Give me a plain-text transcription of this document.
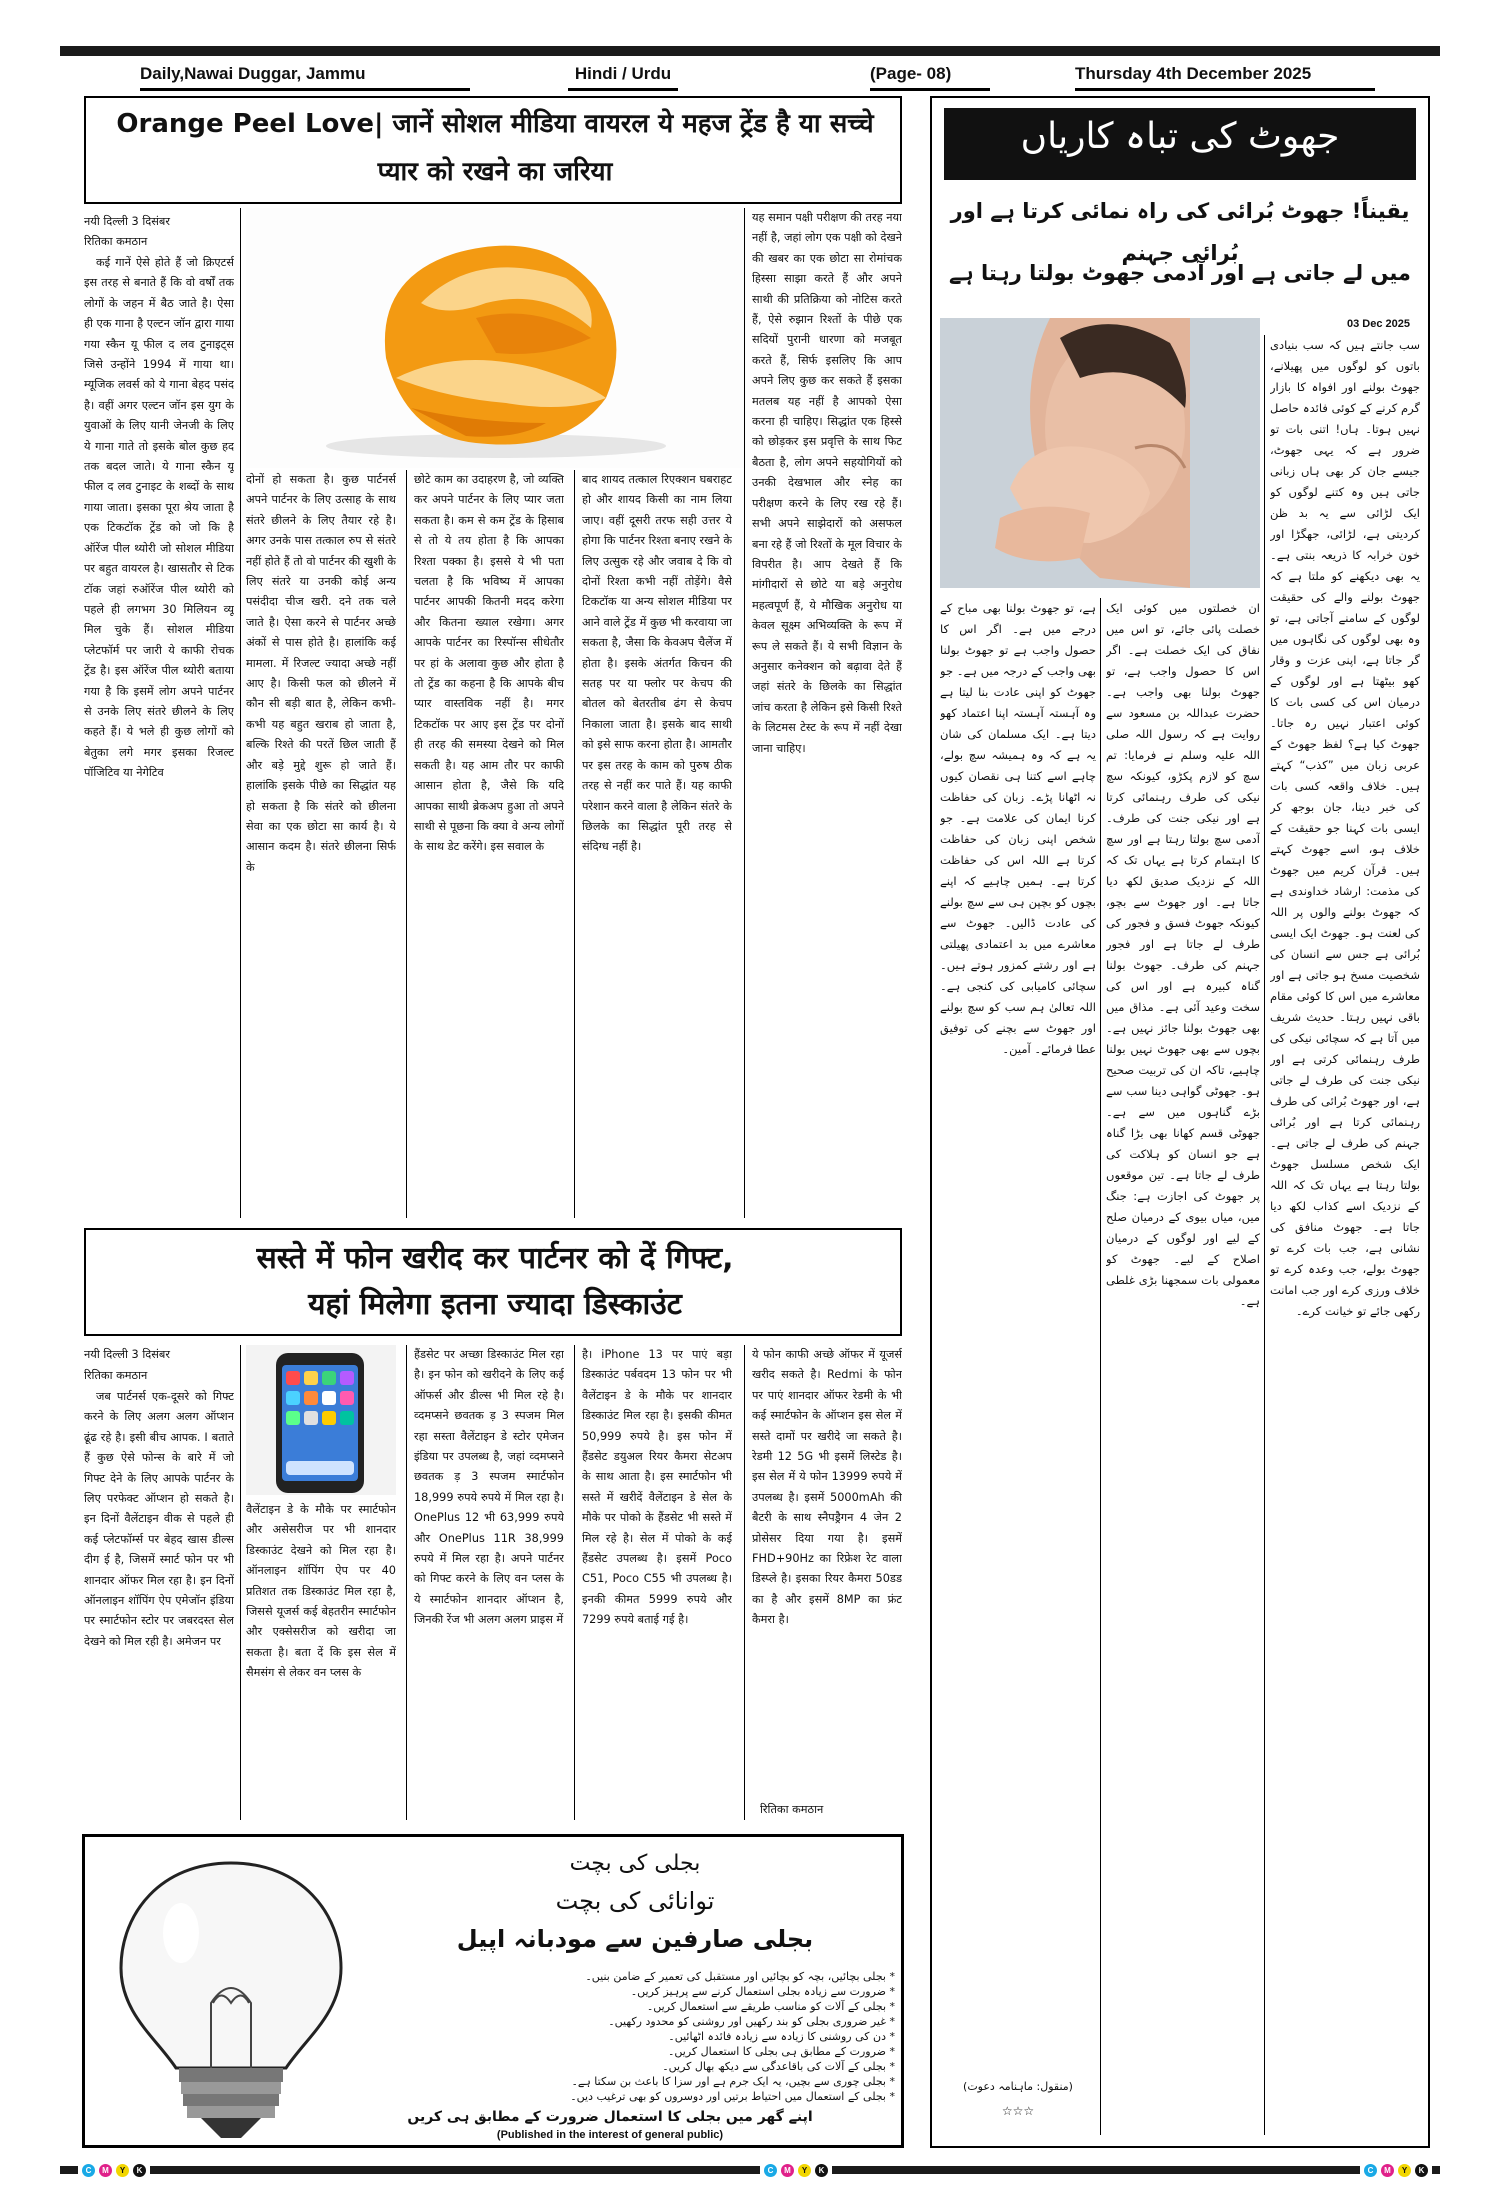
Daily,Nawai Duggar, Jammu	Hindi / Urdu	(Page- 08)	Thursday 4th December 2025
Orange Peel Love| जानें सोशल मीडिया वायरल ये महज ट्रेंड है या सच्चे प्यार को रखने का जरिया
नयी दिल्ली 3 दिसंबर
रितिका कमठान
कई गानें ऐसे होते हैं जो क्रिएटर्स इस तरह से बनाते हैं कि वो वर्षों तक लोगों के जहन में बैठ जाते है। ऐसा ही एक गाना है एल्टन जॉन द्वारा गाया गया स्कैन यू फील द लव टुनाइट्स जिसे उन्होंने 1994 में गाया था। म्यूजिक लवर्स को ये गाना बेहद पसंद है। वहीं अगर एल्टन जॉन इस युग के युवाओं के लिए यानी जेनजी के लिए ये गाना गाते तो इसके बोल कुछ हद तक बदल जाते। ये गाना स्कैन यू फील द लव टुनाइट के शब्दों के साथ गाया जाता। इसका पूरा श्रेय जाता है एक टिकटॉक ट्रेंड को जो कि है ऑरेंज पील थ्योरी जो सोशल मीडिया पर बहुत वायरल है। खासतौर से टिक टॉक जहां रुऑरेंज पील थ्योरी को पहले ही लगभग 30 मिलियन व्यू मिल चुके हैं। सोशल मीडिया प्लेटफॉर्म पर जारी ये काफी रोचक ट्रेंड है। इस ऑरेंज पील थ्योरी बताया गया है कि इसमें लोग अपने पार्टनर से उनके लिए संतरे छीलने के लिए कहते हैं। ये भले ही कुछ लोगों को बेतुका लगे मगर इसका रिजल्ट पॉजिटिव या नेगेटिव
दोनों हो सकता है। कुछ पार्टनर्स अपने पार्टनर के लिए उत्साह के साथ संतरे छीलने के लिए तैयार रहे है। अगर उनके पास तत्काल रुप से संतरे नहीं होते हैं तो वो पार्टनर की खुशी के लिए संतरे या उनकी कोई अन्य पसंदीदा चीज खरी. दने तक चले जाते है। ऐसा करने से पार्टनर अच्छे अंकों से पास होते है। हालांकि कई मामला. में रिजल्ट ज्यादा अच्छे नहीं आए है। किसी फल को छीलने में कौन सी बड़ी बात है, लेकिन कभी-कभी यह बहुत खराब हो जाता है, बल्कि रिश्ते की परतें छिल जाती हैं और बड़े मुद्दे शुरू हो जाते हैं। हालांकि इसके पीछे का सिद्धांत यह हो सकता है कि संतरे को छीलना सेवा का एक छोटा सा कार्य है। ये आसान कदम है। संतरे छीलना सिर्फ के
छोटे काम का उदाहरण है, जो व्यक्ति कर अपने पार्टनर के लिए प्यार जता सकता है। कम से कम ट्रेंड के हिसाब से तो ये तय होता है कि आपका रिश्ता पक्का है। इससे ये भी पता चलता है कि भविष्य में आपका पार्टनर आपकी कितनी मदद करेगा और कितना ख्याल रखेगा। अगर आपके पार्टनर का रिस्पॉन्स सीधेतौर पर हां के अलावा कुछ और होता है तो ट्रेंड का कहना है कि आपके बीच प्यार वास्तविक नहीं है। मगर टिकटॉक पर आए इस ट्रेंड पर दोनों ही तरह की समस्या देखने को मिल सकती है। यह आम तौर पर काफी आसान होता है, जैसे कि यदि आपका साथी ब्रेकअप हुआ तो अपने साथी से पूछना कि क्या वे अन्य लोगों के साथ डेट करेंगे। इस सवाल के
बाद शायद तत्काल रिएक्शन घबराहट हो और शायद किसी का नाम लिया जाए। वहीं दूसरी तरफ सही उत्तर ये होगा कि पार्टनर रिश्ता बनाए रखने के लिए उत्सुक रहे और जवाब दे कि वो दोनों रिश्ता कभी नहीं तोड़ेंगे। वैसे टिकटॉक या अन्य सोशल मीडिया पर आने वाले ट्रेंड में कुछ भी करवाया जा सकता है, जैसा कि केवअप चैलेंज में होता है। इसके अंतर्गत किचन की सतह पर या फ्लोर पर केचप की बोतल को बेतरतीब ढंग से केचप निकाला जाता है। इसके बाद साथी को इसे साफ करना होता है। आमतौर पर इस तरह के काम को पुरुष ठीक तरह से नहीं कर पाते हैं। यह काफी परेशान करने वाला है लेकिन संतरे के छिलके का सिद्धांत पूरी तरह से संदिग्ध नहीं है।
यह समान पक्षी परीक्षण की तरह नया नहीं है, जहां लोग एक पक्षी को देखने की खबर का एक छोटा सा रोमांचक हिस्सा साझा करते हैं और अपने साथी की प्रतिक्रिया को नोटिस करते हैं, ऐसे रुझान रिश्तों के पीछे एक सदियों पुरानी धारणा को मजबूत करते हैं, सिर्फ इसलिए कि आप अपने लिए कुछ कर सकते हैं इसका मतलब यह नहीं है आपको ऐसा करना ही चाहिए। सिद्धांत एक हिस्से को छोड़कर इस प्रवृत्ति के साथ फिट बैठता है, लोग अपने सहयोगियों को उनकी देखभाल और स्नेह का परीक्षण करने के लिए रख रहे हैं। सभी अपने साझेदारों को असफल बना रहे हैं जो रिश्तों के मूल विचार के विपरीत है। आप देखते हैं कि मांगीदारों से छोटे या बड़े अनुरोध महत्वपूर्ण हैं, ये मौखिक अनुरोध या केवल सूक्ष्म अभिव्यक्ति के रूप में रूप ले सकते हैं। ये सभी विज्ञान के अनुसार कनेक्शन को बढ़ावा देते हैं जहां संतरे के छिलके का सिद्धांत जांच करता है लेकिन इसे किसी रिश्ते के लिटमस टेस्ट के रूप में नहीं देखा जाना चाहिए।
सस्ते में फोन खरीद कर पार्टनर को दें गिफ्ट,
यहां मिलेगा इतना ज्यादा डिस्काउंट
नयी दिल्ली 3 दिसंबर
रितिका कमठान
जब पार्टनर्स एक-दूसरे को गिफ्ट करने के लिए अलग अलग ऑप्शन ढूंढ रहे है। इसी बीच आपक. I बताते हैं कुछ ऐसे फोन्स के बारे में जो गिफ्ट देने के लिए आपके पार्टनर के लिए परफेक्ट ऑप्शन हो सकते है। इन दिनों वैलेंटाइन वीक से पहले ही कई प्लेटफॉर्म्स पर बेहद खास डील्स दीग ई है, जिसमें स्मार्ट फोन पर भी शानदार ऑफर मिल रहा है। इन दिनों ऑनलाइन शॉपिंग ऐप एमेजॉन इंडिया पर स्मार्टफोन स्टोर पर जबरदस्त सेल देखने को मिल रही है। अमेजन पर
वैलेंटाइन डे के मौके पर स्मार्टफोन और असेसरीज पर भी शानदार डिस्काउंट देखने को मिल रहा है। ऑनलाइन शॉपिंग ऐप पर 40 प्रतिशत तक डिस्काउंट मिल रहा है, जिससे यूजर्स कई बेहतरीन स्मार्टफोन और एक्सेसरीज को खरीदा जा सकता है। बता दें कि इस सेल में सैमसंग से लेकर वन प्लस के
हैंडसेट पर अच्छा डिस्काउंट मिल रहा है। इन फोन को खरीदने के लिए कई ऑफर्स और डील्स भी मिल रहे है। व्दमप्सने छवतक ड़ 3 स्पजम मिल रहा सस्ता वैलेंटाइन डे स्टोर एमेजन इंडिया पर उपलब्ध है, जहां व्दमप्सने छवतक ड़ 3 स्पजम स्मार्टफोन 18,999 रुपये रुपये में मिल रहा है। OnePlus 12 भी 63,999 रुपये और OnePlus 11R 38,999 रुपये में मिल रहा है। अपने पार्टनर को गिफ्ट करने के लिए वन प्लस के ये स्मार्टफोन शानदार ऑप्शन है, जिनकी रेंज भी अलग अलग प्राइस में
है। iPhone 13 पर पाएं बड़ा डिस्काउंट पर्बवदम 13 फोन पर भी वैलेंटाइन डे के मौके पर शानदार डिस्काउंट मिल रहा है। इसकी कीमत 50,999 रुपये है। इस फोन में हैंडसेट डयुअल रियर कैमरा सेटअप के साथ आता है। इस स्मार्टफोन भी सस्ते में खरीदें वैलेंटाइन डे सेल के मौके पर पोको के हैंडसेट भी सस्ते में मिल रहे है। सेल में पोको के कई हैंडसेट उपलब्ध है। इसमें Poco C51, Poco C55 भी उपलब्ध है। इनकी कीमत 5999 रुपये और 7299 रुपये बताई गई है।
ये फोन काफी अच्छे ऑफर में यूजर्स खरीद सकते है। Redmi के फोन पर पाएं शानदार ऑफर रेडमी के भी कई स्मार्टफोन के ऑप्शन इस सेल में सस्ते दामों पर खरीदे जा सकते है। रेडमी 12 5G भी इसमें लिस्टेड है। इस सेल में ये फोन 13999 रुपये में उपलब्ध है। इसमें 5000mAh की बैटरी के साथ स्नैपड्रैगन 4 जेन 2 प्रोसेसर दिया गया है। इसमें FHD+90Hz का रिफ्रेश रेट वाला डिस्प्ले है। इसका रियर कैमरा 50डड का है और इसमें 8MP का फ्रंट कैमरा है।
रितिका कमठान
بجلی کی بچت
توانائی کی بچت
بجلی صارفین سے مودبانہ اپیل
* بجلی بچائیں، بچہ کو بچائیں اور مستقبل کی تعمیر کے ضامن بنیں۔
* ضرورت سے زیادہ بجلی استعمال کرنے سے پرہیز کریں۔
* بجلی کے آلات کو مناسب طریقے سے استعمال کریں۔
* غیر ضروری بجلی کو بند رکھیں اور روشنی کو محدود رکھیں۔
* دن کی روشنی کا زیادہ سے زیادہ فائدہ اٹھائیں۔
* ضرورت کے مطابق ہی بجلی کا استعمال کریں۔
* بجلی کے آلات کی باقاعدگی سے دیکھ بھال کریں۔
* بجلی چوری سے بچیں، یہ ایک جرم ہے اور سزا کا باعث بن سکتا ہے۔
* بجلی کے استعمال میں احتیاط برتیں اور دوسروں کو بھی ترغیب دیں۔
اپنے گھر میں بجلی کا استعمال ضرورت کے مطابق ہی کریں
(Published in the interest of general public)
جھوٹ کی تباہ کاریاں
یقیناً! جھوٹ بُرائی کی راہ نمائی کرتا ہے اور بُرائی جہنم
میں لے جاتی ہے اور آدمی جھوٹ بولتا رہتا ہے
03 Dec 2025
سب جانتے ہیں کہ سب بنیادی باتوں کو لوگوں میں پھیلانے، جھوٹ بولنے اور افواہ کا بازار گرم کرنے کے کوئی فائدہ حاصل نہیں ہوتا۔ ہاں! اتنی بات تو ضرور ہے کہ یہی جھوٹ، جیسے جان کر بھی ہاں زبانی جاتی ہیں وہ کتنے لوگوں کو ایک لڑائی سے یہ بد ظن کردیتی ہے، لڑائی، جھگڑا اور خون خرابہ کا ذریعہ بنتی ہے۔ یہ بھی دیکھنے کو ملتا ہے کہ جھوٹ بولنے والے کی حقیقت لوگوں کے سامنے آجاتی ہے، تو وہ بھی لوگوں کی نگاہوں میں گر جاتا ہے، اپنی عزت و وقار کھو بیٹھتا ہے اور لوگوں کے درمیان اس کی کسی بات کا کوئی اعتبار نہیں رہ جاتا۔ جھوٹ کیا ہے؟ لفظ جھوٹ کے عربی زبان میں ”کذب“ کہتے ہیں۔ خلاف واقعہ کسی بات کی خبر دینا، جان بوجھ کر ایسی بات کہنا جو حقیقت کے خلاف ہو، اسے جھوٹ کہتے ہیں۔ قرآن کریم میں جھوٹ کی مذمت: ارشاد خداوندی ہے کہ جھوٹ بولنے والوں پر اللہ کی لعنت ہو۔ جھوٹ ایک ایسی بُرائی ہے جس سے انسان کی شخصیت مسخ ہو جاتی ہے اور معاشرے میں اس کا کوئی مقام باقی نہیں رہتا۔ حدیث شریف میں آتا ہے کہ سچائی نیکی کی طرف رہنمائی کرتی ہے اور نیکی جنت کی طرف لے جاتی ہے، اور جھوٹ بُرائی کی طرف رہنمائی کرتا ہے اور بُرائی جہنم کی طرف لے جاتی ہے۔ ایک شخص مسلسل جھوٹ بولتا رہتا ہے یہاں تک کہ اللہ کے نزدیک اسے کذاب لکھ دیا جاتا ہے۔ جھوٹ منافق کی نشانی ہے، جب بات کرے تو جھوٹ بولے، جب وعدہ کرے تو خلاف ورزی کرے اور جب امانت رکھی جائے تو خیانت کرے۔
ان خصلتوں میں کوئی ایک خصلت پائی جائے، تو اس میں نفاق کی ایک خصلت ہے۔ اگر اس کا حصول واجب ہے، تو جھوٹ بولنا بھی واجب ہے۔ حضرت عبداللہ بن مسعود سے روایت ہے کہ رسول اللہ صلی اللہ علیہ وسلم نے فرمایا: تم سچ کو لازم پکڑو، کیونکہ سچ نیکی کی طرف رہنمائی کرتا ہے اور نیکی جنت کی طرف۔ آدمی سچ بولتا رہتا ہے اور سچ کا اہتمام کرتا ہے یہاں تک کہ اللہ کے نزدیک صدیق لکھ دیا جاتا ہے۔ اور جھوٹ سے بچو، کیونکہ جھوٹ فسق و فجور کی طرف لے جاتا ہے اور فجور جہنم کی طرف۔ جھوٹ بولنا گناہ کبیرہ ہے اور اس کی سخت وعید آئی ہے۔ مذاق میں بھی جھوٹ بولنا جائز نہیں ہے۔ بچوں سے بھی جھوٹ نہیں بولنا چاہیے، تاکہ ان کی تربیت صحیح ہو۔ جھوٹی گواہی دینا سب سے بڑے گناہوں میں سے ہے۔ جھوٹی قسم کھانا بھی بڑا گناہ ہے جو انسان کو ہلاکت کی طرف لے جاتا ہے۔ تین موقعوں پر جھوٹ کی اجازت ہے: جنگ میں، میاں بیوی کے درمیان صلح کے لیے اور لوگوں کے درمیان اصلاح کے لیے۔ جھوٹ کو معمولی بات سمجھنا بڑی غلطی ہے۔
ہے، تو جھوٹ بولنا بھی مباح کے درجے میں ہے۔ اگر اس کا حصول واجب ہے تو جھوٹ بولنا بھی واجب کے درجہ میں ہے۔ جو جھوٹ کو اپنی عادت بنا لیتا ہے وہ آہستہ آہستہ اپنا اعتماد کھو دیتا ہے۔ ایک مسلمان کی شان یہ ہے کہ وہ ہمیشہ سچ بولے، چاہے اسے کتنا ہی نقصان کیوں نہ اٹھانا پڑے۔ زبان کی حفاظت کرنا ایمان کی علامت ہے۔ جو شخص اپنی زبان کی حفاظت کرتا ہے اللہ اس کی حفاظت کرتا ہے۔ ہمیں چاہیے کہ اپنے بچوں کو بچپن ہی سے سچ بولنے کی عادت ڈالیں۔ جھوٹ سے معاشرے میں بد اعتمادی پھیلتی ہے اور رشتے کمزور ہوتے ہیں۔ سچائی کامیابی کی کنجی ہے۔ اللہ تعالیٰ ہم سب کو سچ بولنے اور جھوٹ سے بچنے کی توفیق عطا فرمائے۔ آمین۔
(منقول: ماہنامہ دعوت)
☆☆☆
C	M	Y	K	C	M	Y	K	C	M	Y	K
